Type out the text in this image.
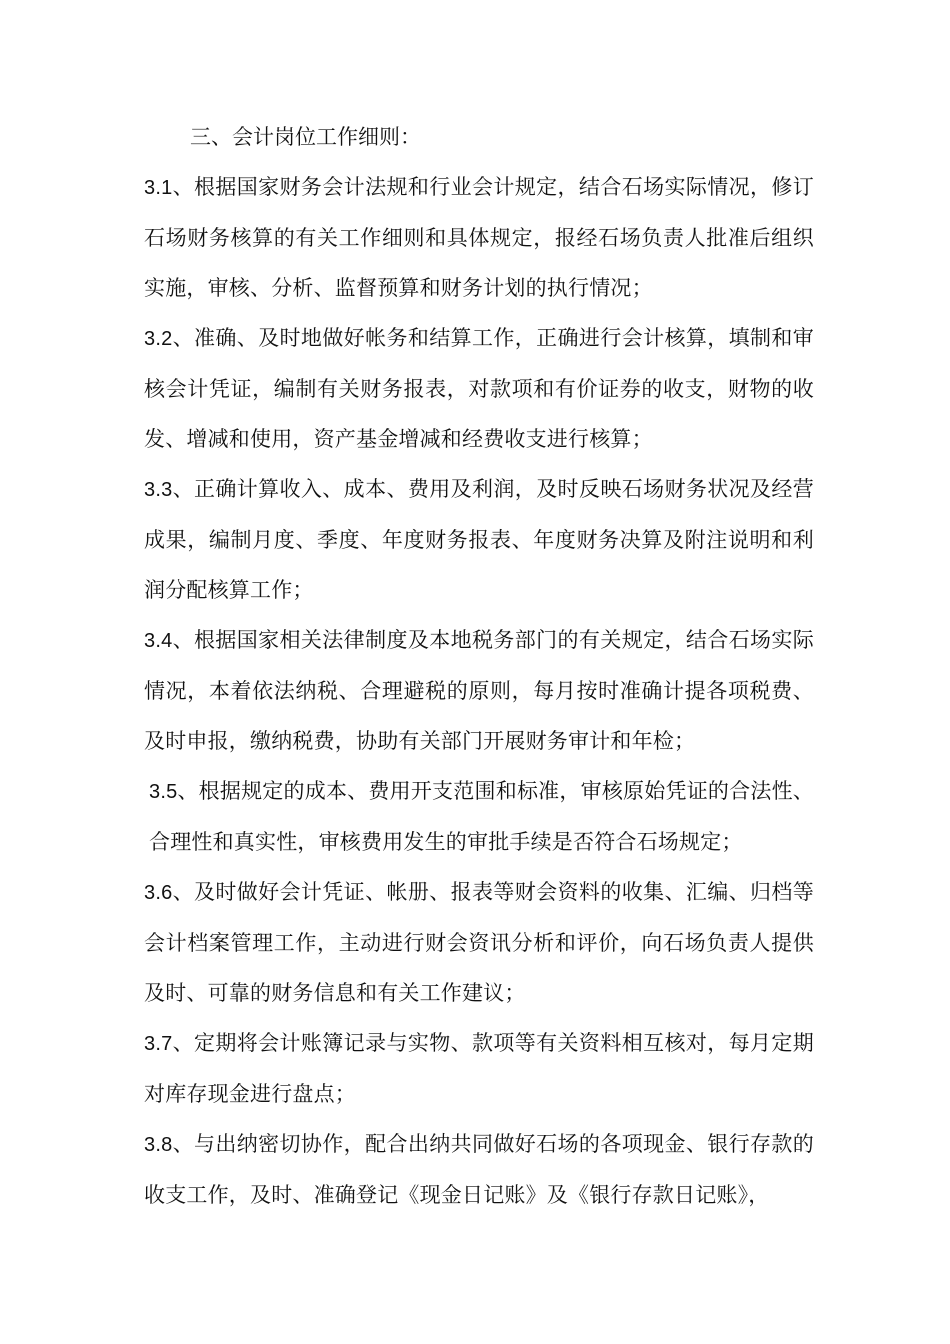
三、会计岗位工作细则：
3.1、根据国家财务会计法规和行业会计规定，结合石场实际情况，修订石场财务核算的有关工作细则和具体规定，报经石场负责人批准后组织实施，审核、分析、监督预算和财务计划的执行情况；
3.2、准确、及时地做好帐务和结算工作，正确进行会计核算，填制和审核会计凭证，编制有关财务报表，对款项和有价证券的收支，财物的收发、增减和使用，资产基金增减和经费收支进行核算；
3.3、正确计算收入、成本、费用及利润，及时反映石场财务状况及经营成果，编制月度、季度、年度财务报表、年度财务决算及附注说明和利润分配核算工作；
3.4、根据国家相关法律制度及本地税务部门的有关规定，结合石场实际情况，本着依法纳税、合理避税的原则，每月按时准确计提各项税费、及时申报，缴纳税费，协助有关部门开展财务审计和年检；
3.5、根据规定的成本、费用开支范围和标准，审核原始凭证的合法性、合理性和真实性，审核费用发生的审批手续是否符合石场规定；
3.6、及时做好会计凭证、帐册、报表等财会资料的收集、汇编、归档等会计档案管理工作，主动进行财会资讯分析和评价，向石场负责人提供及时、可靠的财务信息和有关工作建议；
3.7、定期将会计账簿记录与实物、款项等有关资料相互核对，每月定期对库存现金进行盘点；
3.8、与出纳密切协作，配合出纳共同做好石场的各项现金、银行存款的收支工作，及时、准确登记《现金日记账》及《银行存款日记账》，
